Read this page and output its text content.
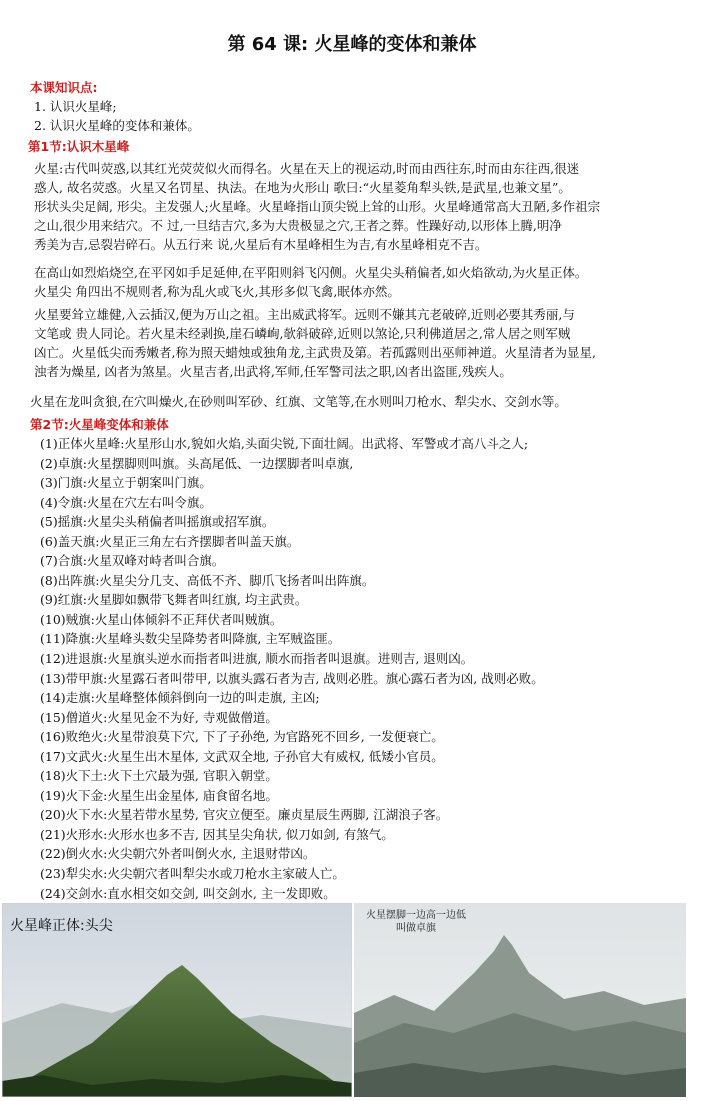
第 64 课: 火星峰的变体和兼体
本课知识点:
1. 认识火星峰;
2. 认识火星峰的变体和兼体。
第1节:认识木星峰
火星:古代叫荧惑,以其红光荧荧似火而得名。火星在天上的视运动,时而由西往东,时而由东往西,很迷
惑人, 故名荧惑。火星又名罚星、执法。在地为火形山 歌曰:“火星菱角犁头铁,是武星,也兼文星”。
形状头尖足阔, 形尖。主发强人;火星峰。火星峰指山顶尖锐上耸的山形。火星峰通常高大丑陋,多作祖宗
之山,很少用来结穴。不 过,一旦结吉穴,多为大贵极显之穴,王者之葬。性躁好动,以形体上腾,明净
秀美为吉,忌裂岩碎石。从五行来 说,火星后有木星峰相生为吉,有水星峰相克不吉。
在高山如烈焰烧空,在平冈如手足延伸,在平阳则斜飞闪侧。火星尖头稍偏者,如火焰欲动,为火星正体。
火星尖 角四出不规则者,称为乱火或飞火,其形多似飞禽,眠体亦然。
火星要耸立雄健,入云插汉,便为万山之祖。主出威武将军。远则不嫌其亢老破碎,近则必要其秀丽,与
文笔或 贵人同论。若火星未经剥换,崖石嶙峋,欹斜破碎,近则以煞论,只利佛道居之,常人居之则军贼
凶亡。火星低尖而秀嫩者,称为照天蜡烛或独角龙,主武贵及第。若孤露则出巫师神道。火星清者为显星,
浊者为燥星, 凶者为煞星。火星吉者,出武将,军师,任军警司法之职,凶者出盗匪,残疾人。
火星在龙叫贪狼,在穴叫燥火,在砂则叫军砂、红旗、文笔等,在水则叫刀枪水、犁尖水、交剑水等。
第2节:火星峰变体和兼体
(1)正体火星峰:火星形山水,貌如火焰,头面尖锐,下面壮阔。出武将、军警或才高八斗之人;
(2)卓旗:火星摆脚则叫旗。头高尾低、一边摆脚者叫卓旗,
(3)门旗:火星立于朝案叫门旗。
(4)令旗:火星在穴左右叫令旗。
(5)摇旗:火星尖头稍偏者叫摇旗或招军旗。
(6)盖天旗:火星正三角左右齐摆脚者叫盖天旗。
(7)合旗:火星双峰对峙者叫合旗。
(8)出阵旗:火星尖分几支、高低不齐、脚爪飞扬者叫出阵旗。
(9)红旗:火星脚如飘带飞舞者叫红旗, 均主武贵。
(10)贼旗:火星山体倾斜不正拜伏者叫贼旗。
(11)降旗:火星峰头数尖呈降势者叫降旗, 主军贼盗匪。
(12)进退旗:火星旗头逆水而指者叫进旗, 顺水而指者叫退旗。进则吉, 退则凶。
(13)带甲旗:火星露石者叫带甲, 以旗头露石者为吉, 战则必胜。旗心露石者为凶, 战则必败。
(14)走旗:火星峰整体倾斜倒向一边的叫走旗, 主凶;
(15)僧道火:火星见金不为好, 寺观做僧道。
(16)败绝火:火星带浪莫下穴, 下了子孙绝, 为官路死不回乡, 一发便衰亡。
(17)文武火:火星生出木星体, 文武双全地, 子孙官大有威权, 低矮小官员。
(18)火下土:火下土穴最为强, 官职入朝堂。
(19)火下金:火星生出金星体, 庙食留名地。
(20)火下水:火星若带水星势, 官灾立便至。廉贞星辰生两脚, 江湖浪子客。
(21)火形水:火形水也多不吉, 因其呈尖角状, 似刀如剑, 有煞气。
(22)倒火水:火尖朝穴外者叫倒火水, 主退财带凶。
(23)犁尖水:火尖朝穴者叫犁尖水或刀枪水主家破人亡。
(24)交剑水:直水相交如交剑, 叫交剑水, 主一发即败。
火星峰正体:头尖
火星摆脚一边高一边低
叫做卓旗
